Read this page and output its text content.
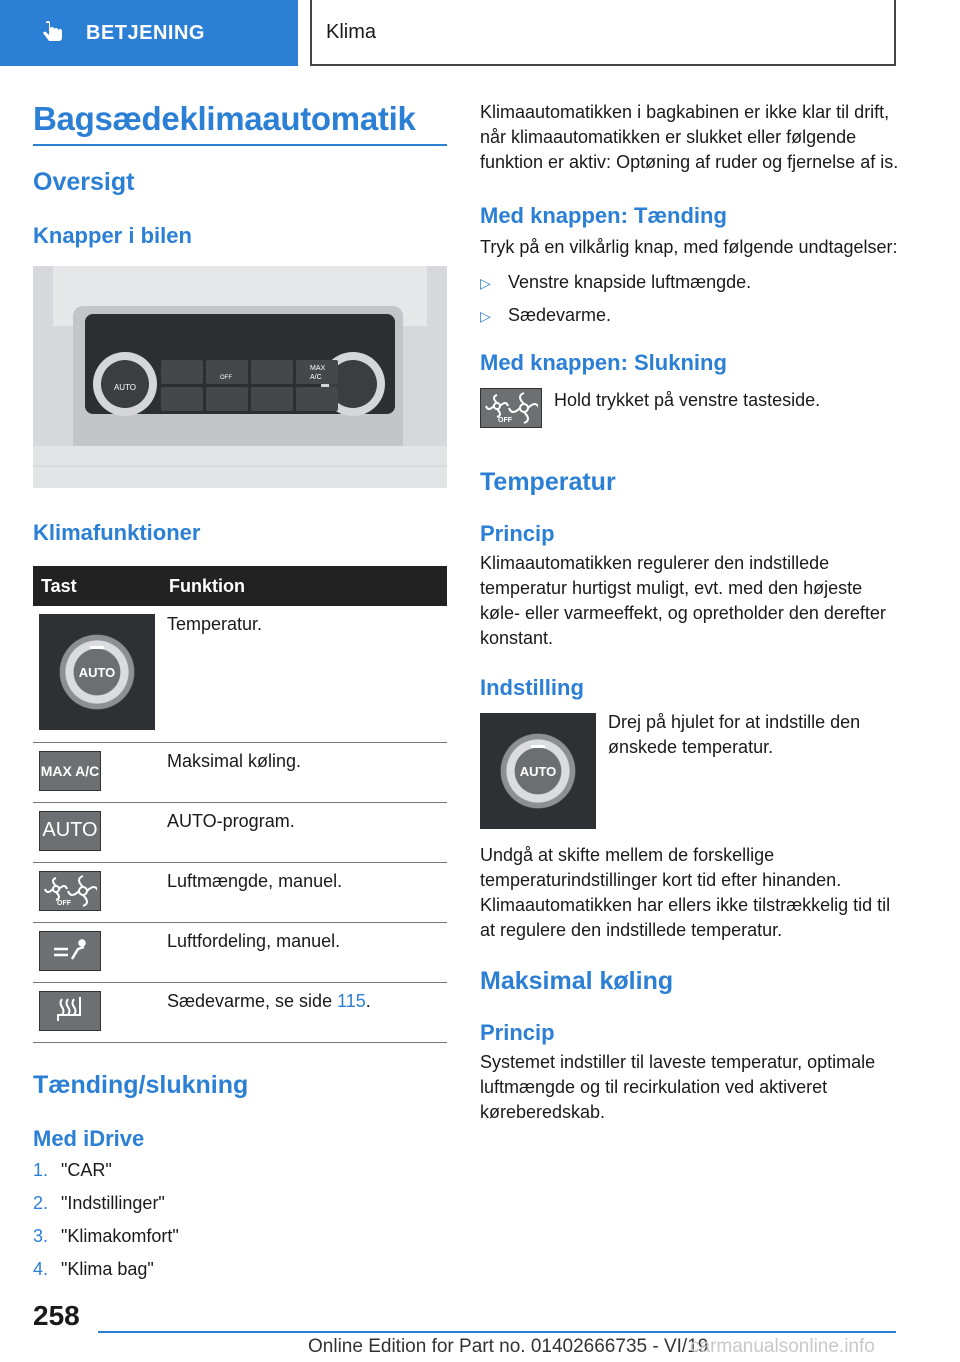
BETJENING	Klima
Bagsædeklimaautomatik
Oversigt
Knapper i bilen
AUTO
MAX
A/C
OFF
Klimafunktioner
Tast	Funktion

AUTO	Temperatur.

MAX A/C	Maksimal køling.

AUTO	AUTO-program.

OFF	Luftmængde, manuel.

	Luftfordeling, manuel.

	Sædevarme, se side 115.
Tænding/slukning
Med iDrive
1. "CAR"
2. "Indstillinger"
3. "Klimakomfort"
4. "Klima bag"

Klimaautomatikken i bagkabinen er ikke klar til drift, når klimaautomatikken er slukket eller følgende funktion er aktiv: Optøning af ruder og fjernelse af is.

Med knappen: Tænding

Tryk på en vilkårlig knap, med følgende undtagelser:

▷ Venstre knapside luftmængde.
▷ Sædevarme.
Med knappen: Slukning
OFF

Hold trykket på venstre tasteside.

Temperatur
Princip

Klimaautomatikken regulerer den indstillede temperatur hurtigst muligt, evt. med den højeste køle- eller varmeeffekt, og opretholder den derefter konstant.

Indstilling
AUTO

Drej på hjulet for at indstille den ønskede temperatur.

Undgå at skifte mellem de forskellige temperaturindstillinger kort tid efter hinanden. Klimaautomatikken har ellers ikke tilstrækkelig tid til at regulere den indstillede temperatur.

Maksimal køling
Princip

Systemet indstiller til laveste temperatur, optimale luftmængde og til recirkulation ved aktiveret køreberedskab.

258
Online Edition for Part no. 01402666735 - VI/19
carmanualsonline.info
